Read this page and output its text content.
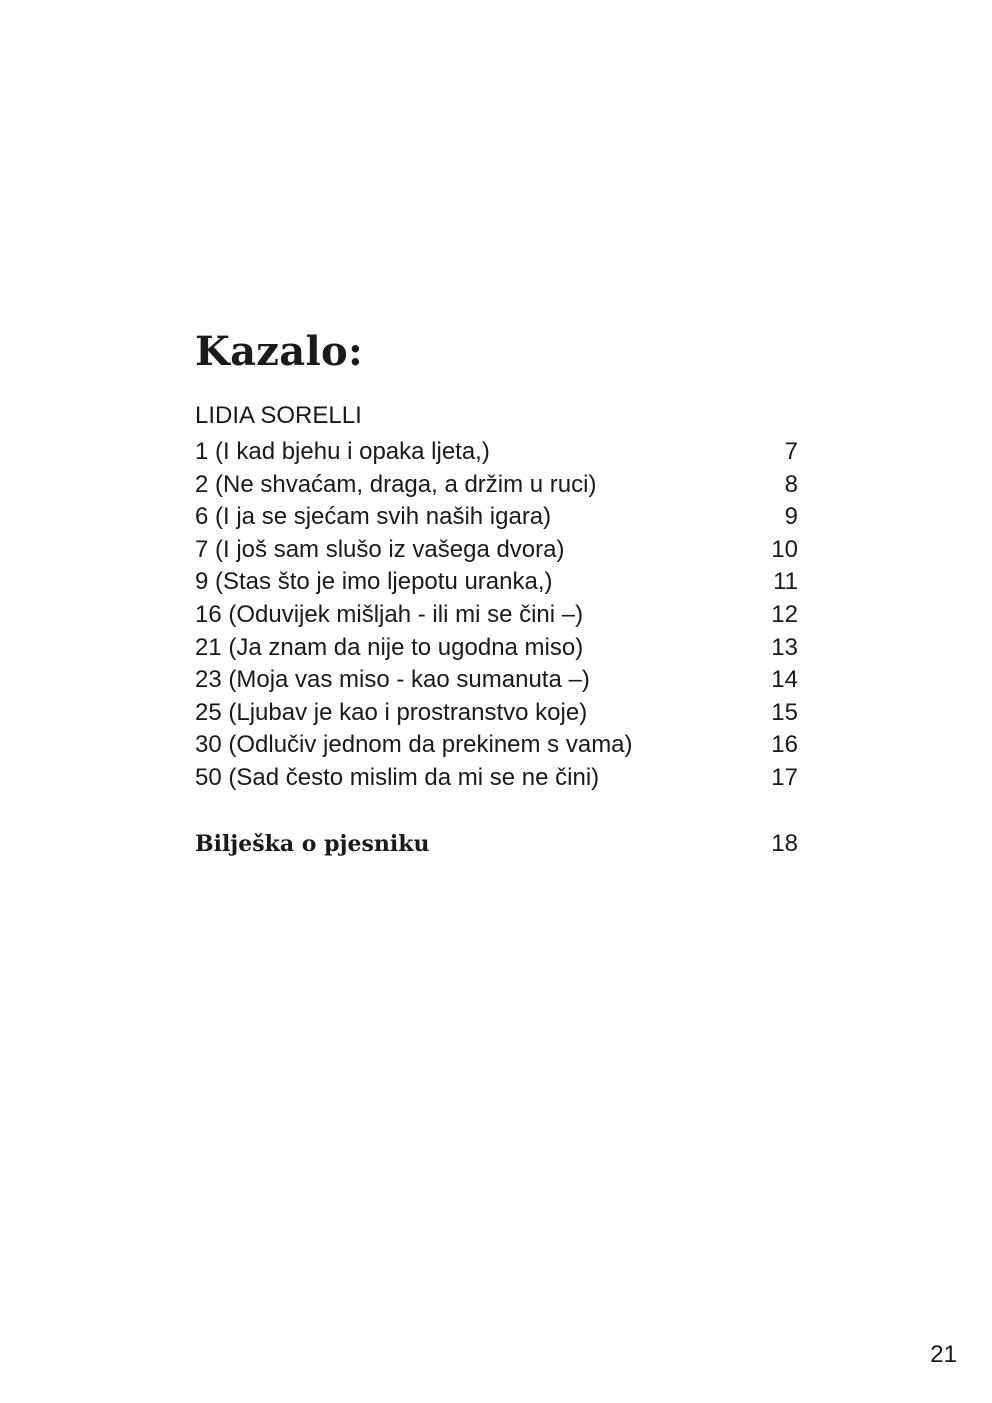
Kazalo:
LIDIA SORELLI
1 (I kad bjehu i opaka ljeta,)	7
2 (Ne shvaćam, draga, a držim u ruci)	8
6 (I ja se sjećam svih naših igara)	9
7 (I još sam slušo iz vašega dvora)	10
9 (Stas što je imo ljepotu uranka,)	11
16 (Oduvijek mišljah - ili mi se čini –)	12
21 (Ja znam da nije to ugodna miso)	13
23 (Moja vas miso - kao sumanuta –)	14
25 (Ljubav je kao i prostranstvo koje)	15
30 (Odlučiv jednom da prekinem s vama)	16
50 (Sad često mislim da mi se ne čini)	17
Bilješka o pjesniku	18
21
